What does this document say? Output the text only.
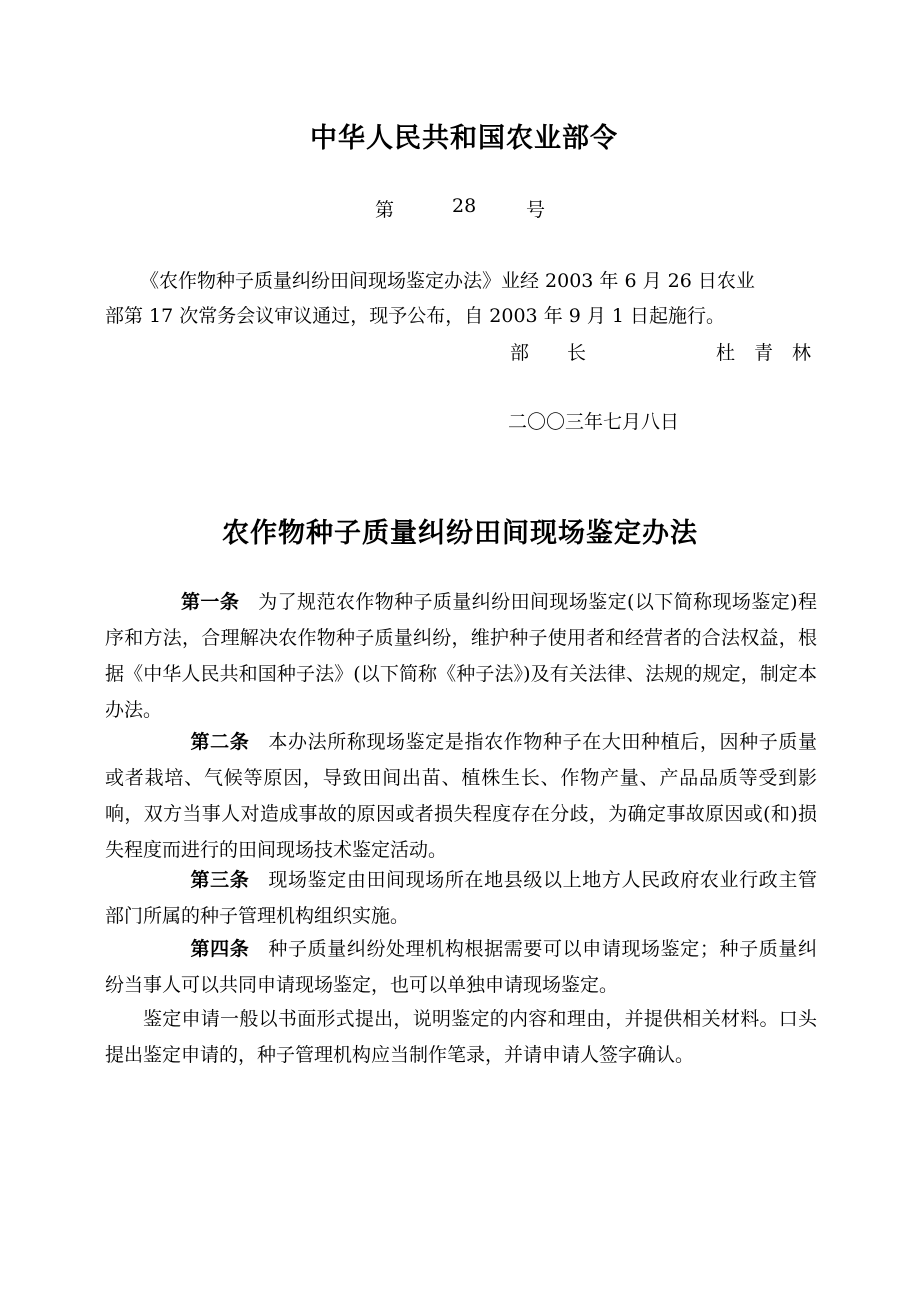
中华人民共和国农业部令
第	28	号
《农作物种子质量纠纷田间现场鉴定办法》业经 2003 年 6 月 26 日农业
部第 17 次常务会议审议通过，现予公布，自 2003 年 9 月 1 日起施行。
部　　长	杜　青　林
二〇〇三年七月八日
农作物种子质量纠纷田间现场鉴定办法
第一条 为了规范农作物种子质量纠纷田间现场鉴定(以下简称现场鉴定)程序和方法，合理解决农作物种子质量纠纷，维护种子使用者和经营者的合法权益，根据《中华人民共和国种子法》(以下简称《种子法》)及有关法律、法规的规定，制定本办法。
第二条 本办法所称现场鉴定是指农作物种子在大田种植后，因种子质量或者栽培、气候等原因，导致田间出苗、植株生长、作物产量、产品品质等受到影响，双方当事人对造成事故的原因或者损失程度存在分歧，为确定事故原因或(和)损失程度而进行的田间现场技术鉴定活动。
第三条 现场鉴定由田间现场所在地县级以上地方人民政府农业行政主管部门所属的种子管理机构组织实施。
第四条 种子质量纠纷处理机构根据需要可以申请现场鉴定；种子质量纠纷当事人可以共同申请现场鉴定，也可以单独申请现场鉴定。
鉴定申请一般以书面形式提出，说明鉴定的内容和理由，并提供相关材料。口头提出鉴定申请的，种子管理机构应当制作笔录，并请申请人签字确认。
